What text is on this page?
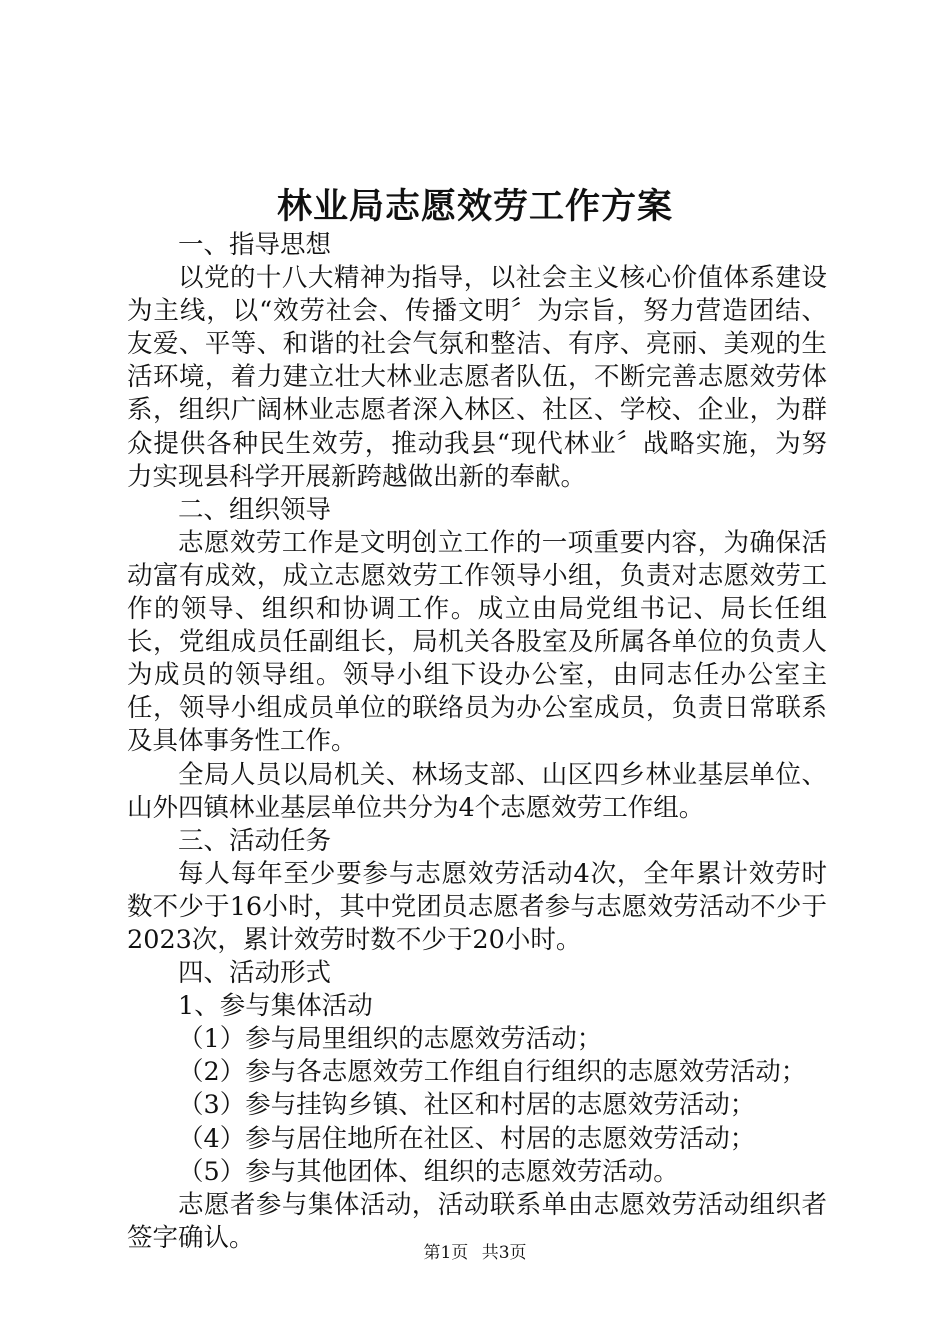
林业局志愿效劳工作方案
一、指导思想
以党的十八大精神为指导，以社会主义核心价值体系建设为主线，以“效劳社会、传播文明〞为宗旨，努力营造团结、友爱、平等、和谐的社会气氛和整洁、有序、亮丽、美观的生活环境，着力建立壮大林业志愿者队伍，不断完善志愿效劳体系，组织广阔林业志愿者深入林区、社区、学校、企业，为群众提供各种民生效劳，推动我县“现代林业〞战略实施，为努力实现县科学开展新跨越做出新的奉献。
二、组织领导
志愿效劳工作是文明创立工作的一项重要内容，为确保活动富有成效，成立志愿效劳工作领导小组，负责对志愿效劳工作的领导、组织和协调工作。成立由局党组书记、局长任组长，党组成员任副组长，局机关各股室及所属各单位的负责人为成员的领导组。领导小组下设办公室，由同志任办公室主任，领导小组成员单位的联络员为办公室成员，负责日常联系及具体事务性工作。
全局人员以局机关、林场支部、山区四乡林业基层单位、山外四镇林业基层单位共分为4个志愿效劳工作组。
三、活动任务
每人每年至少要参与志愿效劳活动4次，全年累计效劳时数不少于16小时，其中党团员志愿者参与志愿效劳活动不少于2023次，累计效劳时数不少于20小时。
四、活动形式
1、参与集体活动
（1）参与局里组织的志愿效劳活动；
（2）参与各志愿效劳工作组自行组织的志愿效劳活动；
（3）参与挂钩乡镇、社区和村居的志愿效劳活动；
（4）参与居住地所在社区、村居的志愿效劳活动；
（5）参与其他团体、组织的志愿效劳活动。
志愿者参与集体活动，活动联系单由志愿效劳活动组织者签字确认。
第1页 共3页
